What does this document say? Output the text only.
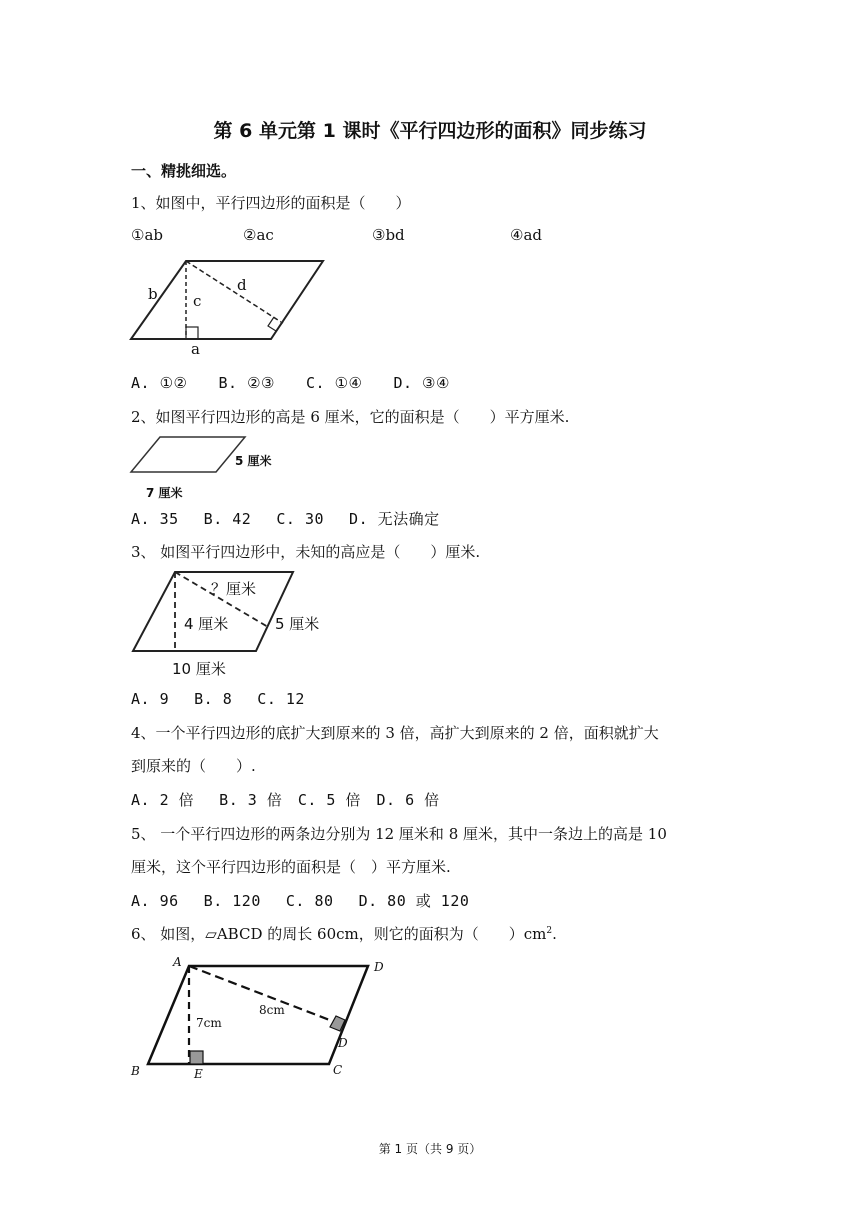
第 6 单元第 1 课时《平行四边形的面积》同步练习
一、精挑细选。
1、如图中，平行四边形的面积是（　　）
①ab	②ac	③bd	④ad
b c
d
a
A. ①②　　B. ②③　　C. ①④　　D. ③④
2、如图平行四边形的高是 6 厘米，它的面积是（　　）平方厘米.
5 厘米
7 厘米
A. 35　 B. 42　 C. 30　 D. 无法确定
3、 如图平行四边形中，未知的高应是（　　）厘米.
？厘米
4 厘米	5 厘米
10 厘米
A. 9　 B. 8　 C. 12
4、一个平行四边形的底扩大到原来的 3 倍，高扩大到原来的 2 倍，面积就扩大
到原来的（　　）.
A. 2 倍　 B. 3 倍　C. 5 倍　D. 6 倍
5、 一个平行四边形的两条边分别为 12 厘米和 8 厘米，其中一条边上的高是 10
厘米，这个平行四边形的面积是（　）平方厘米.
A. 96　 B. 120　 C. 80　 D. 80 或 120
6、 如图，▱ABCD 的周长 60cm，则它的面积为（　　）$cm^2$.
A	D
7cm
8cm
D
B	E	C
第 1 页（共 9 页）
